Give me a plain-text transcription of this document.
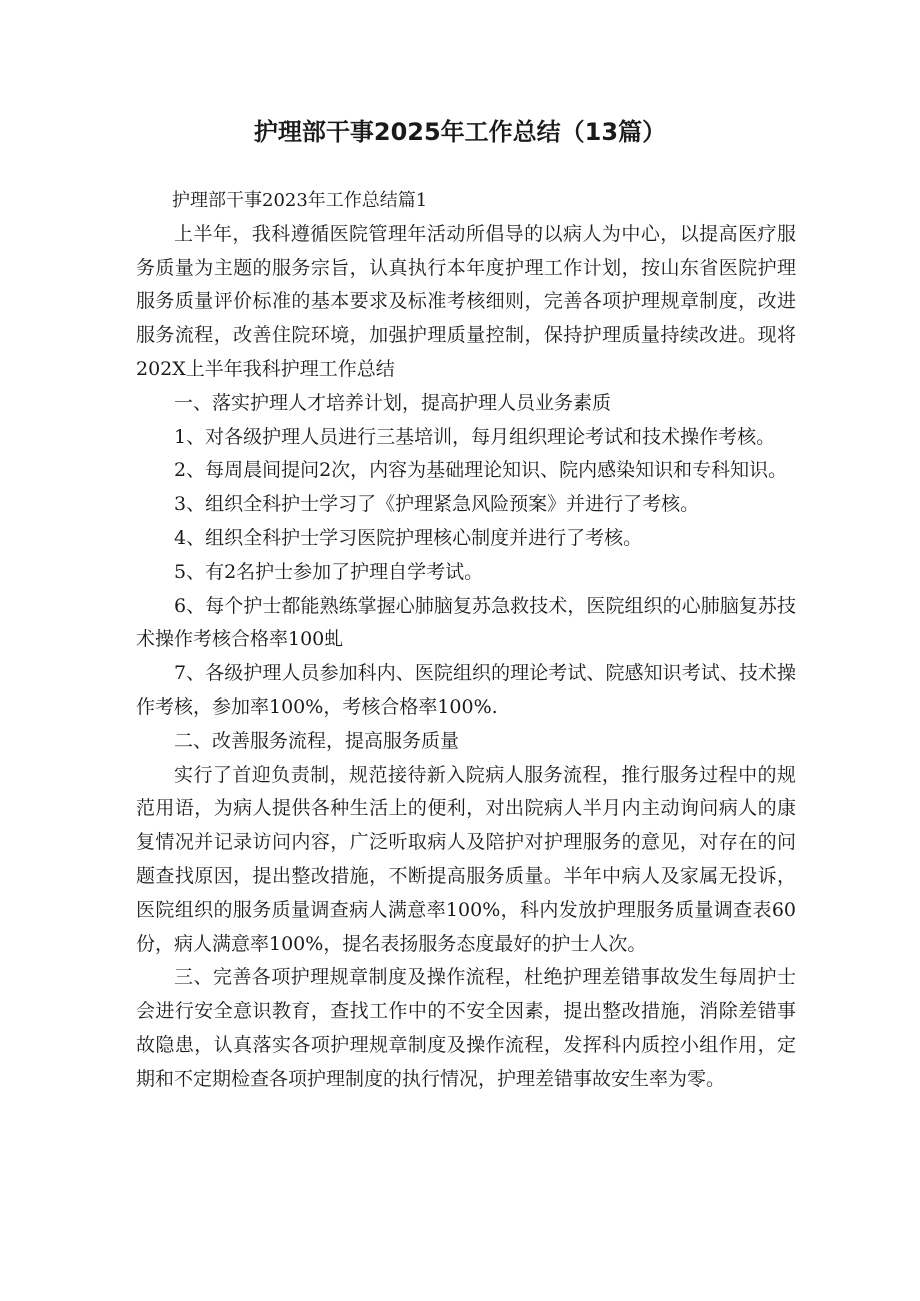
护理部干事2025年工作总结（13篇）

护理部干事2023年工作总结篇1

上半年，我科遵循医院管理年活动所倡导的以病人为中心，以提高医疗服务质量为主题的服务宗旨，认真执行本年度护理工作计划，按山东省医院护理服务质量评价标准的基本要求及标准考核细则，完善各项护理规章制度，改进服务流程，改善住院环境，加强护理质量控制，保持护理质量持续改进。现将202X上半年我科护理工作总结

一、落实护理人才培养计划，提高护理人员业务素质

1、对各级护理人员进行三基培训，每月组织理论考试和技术操作考核。

2、每周晨间提问2次，内容为基础理论知识、院内感染知识和专科知识。

3、组织全科护士学习了《护理紧急风险预案》并进行了考核。

4、组织全科护士学习医院护理核心制度并进行了考核。

5、有2名护士参加了护理自学考试。

6、每个护士都能熟练掌握心肺脑复苏急救技术，医院组织的心肺脑复苏技术操作考核合格率100虬

7、各级护理人员参加科内、医院组织的理论考试、院感知识考试、技术操作考核，参加率100%，考核合格率100%.

二、改善服务流程，提高服务质量

实行了首迎负责制，规范接待新入院病人服务流程，推行服务过程中的规范用语，为病人提供各种生活上的便利，对出院病人半月内主动询问病人的康复情况并记录访问内容，广泛听取病人及陪护对护理服务的意见，对存在的问题查找原因，提出整改措施，不断提高服务质量。半年中病人及家属无投诉，医院组织的服务质量调查病人满意率100%，科内发放护理服务质量调查表60份，病人满意率100%，提名表扬服务态度最好的护士人次。

三、完善各项护理规章制度及操作流程，杜绝护理差错事故发生每周护士会进行安全意识教育，查找工作中的不安全因素，提出整改措施，消除差错事故隐患，认真落实各项护理规章制度及操作流程，发挥科内质控小组作用，定期和不定期检查各项护理制度的执行情况，护理差错事故安生率为零。
